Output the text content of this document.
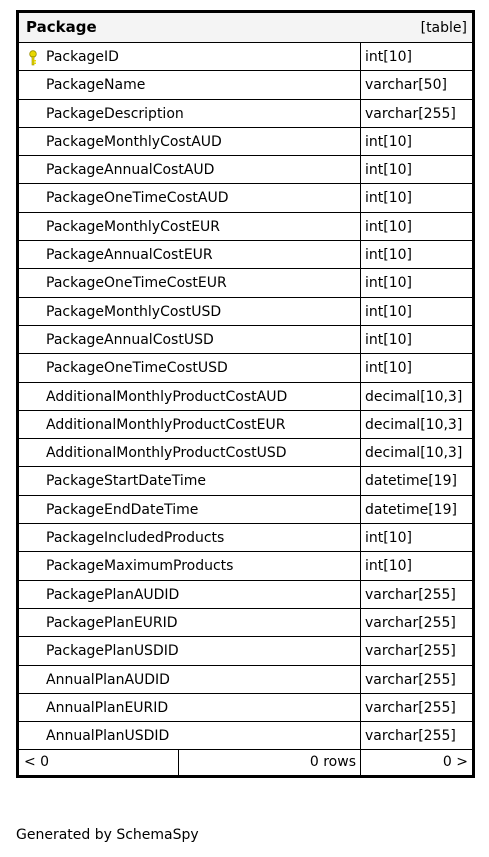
Package	[table]
PackageID	int[10]
PackageName	varchar[50]
PackageDescription	varchar[255]
PackageMonthlyCostAUD	int[10]
PackageAnnualCostAUD	int[10]
PackageOneTimeCostAUD	int[10]
PackageMonthlyCostEUR	int[10]
PackageAnnualCostEUR	int[10]
PackageOneTimeCostEUR	int[10]
PackageMonthlyCostUSD	int[10]
PackageAnnualCostUSD	int[10]
PackageOneTimeCostUSD	int[10]
AdditionalMonthlyProductCostAUD	decimal[10,3]
AdditionalMonthlyProductCostEUR	decimal[10,3]
AdditionalMonthlyProductCostUSD	decimal[10,3]
PackageStartDateTime	datetime[19]
PackageEndDateTime	datetime[19]
PackageIncludedProducts	int[10]
PackageMaximumProducts	int[10]
PackagePlanAUDID	varchar[255]
PackagePlanEURID	varchar[255]
PackagePlanUSDID	varchar[255]
AnnualPlanAUDID	varchar[255]
AnnualPlanEURID	varchar[255]
AnnualPlanUSDID	varchar[255]
< 0	0 rows	0 >
Generated by SchemaSpy
